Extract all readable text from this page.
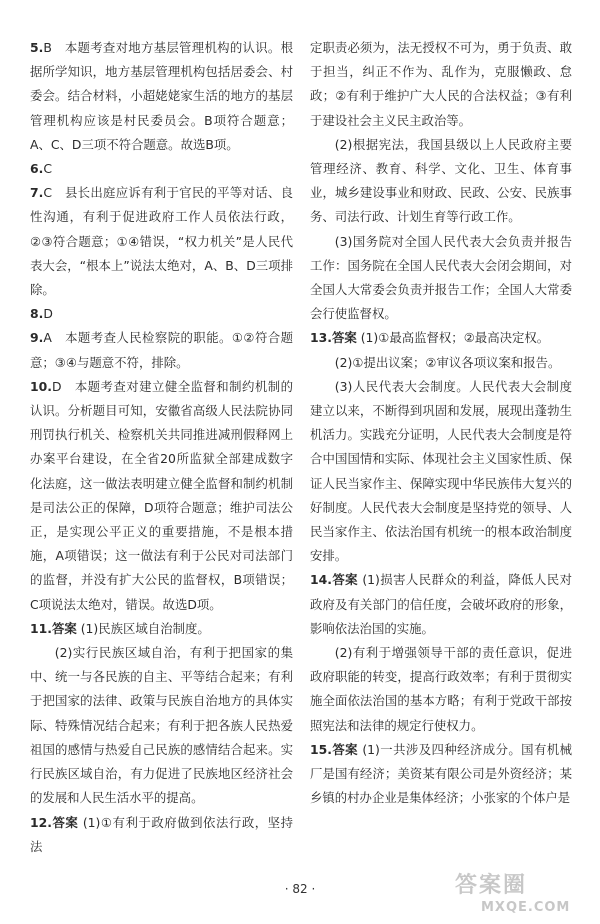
5.B　本题考查对地方基层管理机构的认识。根据所学知识，地方基层管理机构包括居委会、村委会。结合材料，小超姥姥家生活的地方的基层管理机构应该是村民委员会。B项符合题意；A、C、D三项不符合题意。故选B项。

6.C

7.C　县长出庭应诉有利于官民的平等对话、良性沟通，有利于促进政府工作人员依法行政，②③符合题意；①④错误，“权力机关”是人民代表大会，“根本上”说法太绝对，A、B、D三项排除。

8.D

9.A　本题考查人民检察院的职能。①②符合题意；③④与题意不符，排除。

10.D　本题考查对建立健全监督和制约机制的认识。分析题目可知，安徽省高级人民法院协同刑罚执行机关、检察机关共同推进减刑假释网上办案平台建设，在全省20所监狱全部建成数字化法庭，这一做法表明建立健全监督和制约机制是司法公正的保障，D项符合题意；维护司法公正，是实现公平正义的重要措施，不是根本措施，A项错误；这一做法有利于公民对司法部门的监督，并没有扩大公民的监督权，B项错误；C项说法太绝对，错误。故选D项。

11.答案 (1)民族区域自治制度。

(2)实行民族区域自治，有利于把国家的集中、统一与各民族的自主、平等结合起来；有利于把国家的法律、政策与民族自治地方的具体实际、特殊情况结合起来；有利于把各族人民热爱祖国的感情与热爱自己民族的感情结合起来。实行民族区域自治，有力促进了民族地区经济社会的发展和人民生活水平的提高。

12.答案 (1)①有利于政府做到依法行政，坚持法

定职责必须为，法无授权不可为，勇于负责、敢于担当，纠正不作为、乱作为，克服懒政、怠政；②有利于维护广大人民的合法权益；③有利于建设社会主义民主政治等。

(2)根据宪法，我国县级以上人民政府主要管理经济、教育、科学、文化、卫生、体育事业，城乡建设事业和财政、民政、公安、民族事务、司法行政、计划生育等行政工作。

(3)国务院对全国人民代表大会负责并报告工作：国务院在全国人民代表大会闭会期间，对全国人大常委会负责并报告工作；全国人大常委会行使监督权。

13.答案 (1)①最高监督权；②最高决定权。

(2)①提出议案；②审议各项议案和报告。

(3)人民代表大会制度。人民代表大会制度建立以来，不断得到巩固和发展，展现出蓬勃生机活力。实践充分证明，人民代表大会制度是符合中国国情和实际、体现社会主义国家性质、保证人民当家作主、保障实现中华民族伟大复兴的好制度。人民代表大会制度是坚持党的领导、人民当家作主、依法治国有机统一的根本政治制度安排。

14.答案 (1)损害人民群众的利益，降低人民对政府及有关部门的信任度，会破坏政府的形象，影响依法治国的实施。

(2)有利于增强领导干部的责任意识，促进政府职能的转变，提高行政效率；有利于贯彻实施全面依法治国的基本方略；有利于党政干部按照宪法和法律的规定行使权力。

15.答案 (1)一共涉及四种经济成分。国有机械厂是国有经济；美资某有限公司是外资经济；某乡镇的村办企业是集体经济；小张家的个体户是

· 82 ·	答案圈
MXQE.COM
